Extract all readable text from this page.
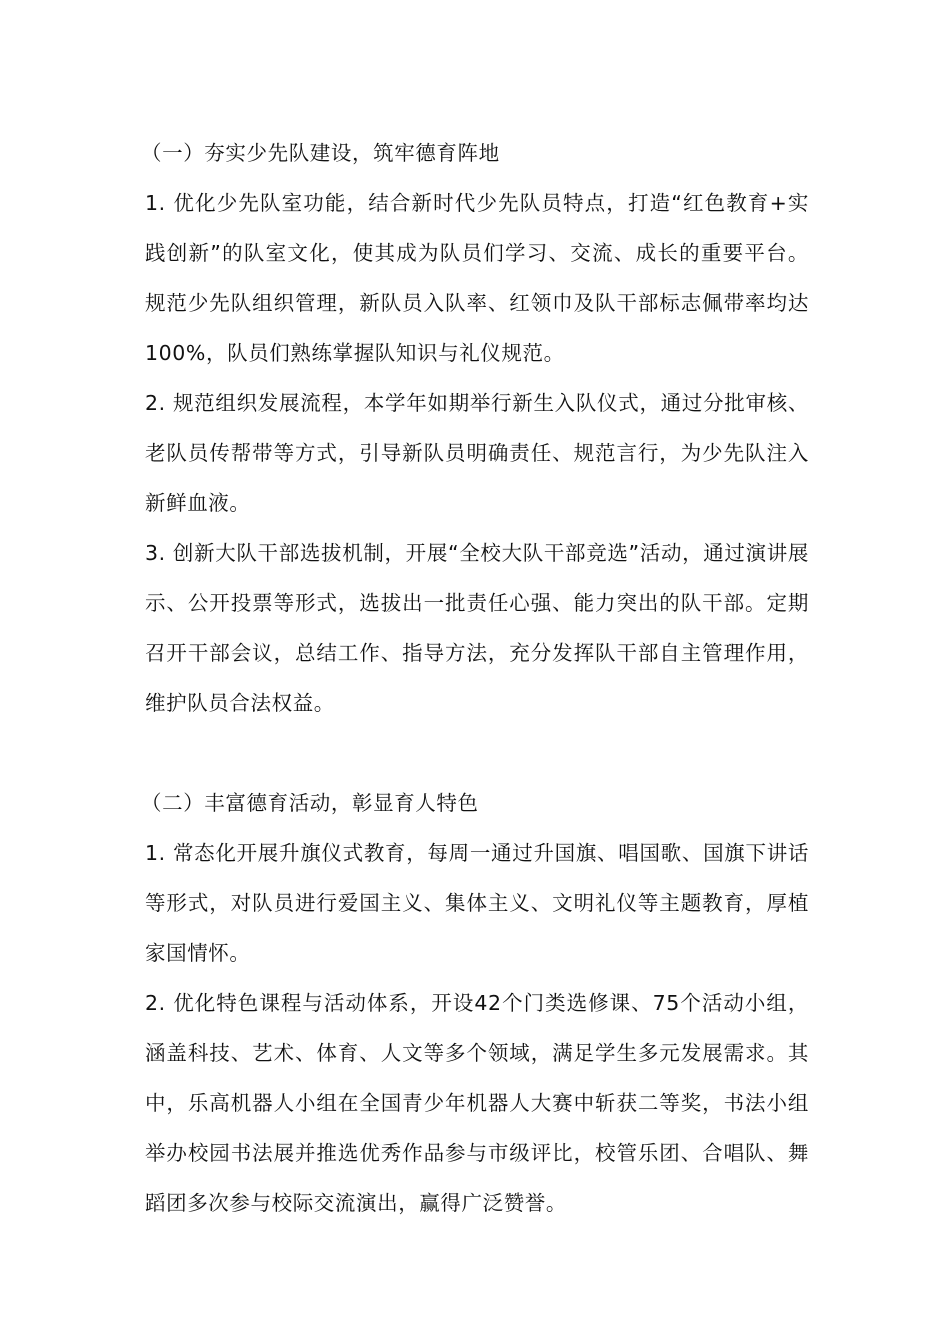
（一）夯实少先队建设，筑牢德育阵地

1. 优化少先队室功能，结合新时代少先队员特点，打造“红色教育+实践创新”的队室文化，使其成为队员们学习、交流、成长的重要平台。规范少先队组织管理，新队员入队率、红领巾及队干部标志佩带率均达100%，队员们熟练掌握队知识与礼仪规范。

2. 规范组织发展流程，本学年如期举行新生入队仪式，通过分批审核、老队员传帮带等方式，引导新队员明确责任、规范言行，为少先队注入新鲜血液。

3. 创新大队干部选拔机制，开展“全校大队干部竞选”活动，通过演讲展示、公开投票等形式，选拔出一批责任心强、能力突出的队干部。定期召开干部会议，总结工作、指导方法，充分发挥队干部自主管理作用，维护队员合法权益。

（二）丰富德育活动，彰显育人特色

1. 常态化开展升旗仪式教育，每周一通过升国旗、唱国歌、国旗下讲话等形式，对队员进行爱国主义、集体主义、文明礼仪等主题教育，厚植家国情怀。

2. 优化特色课程与活动体系，开设42个门类选修课、75个活动小组，涵盖科技、艺术、体育、人文等多个领域，满足学生多元发展需求。其中，乐高机器人小组在全国青少年机器人大赛中斩获二等奖，书法小组举办校园书法展并推选优秀作品参与市级评比，校管乐团、合唱队、舞蹈团多次参与校际交流演出，赢得广泛赞誉。
